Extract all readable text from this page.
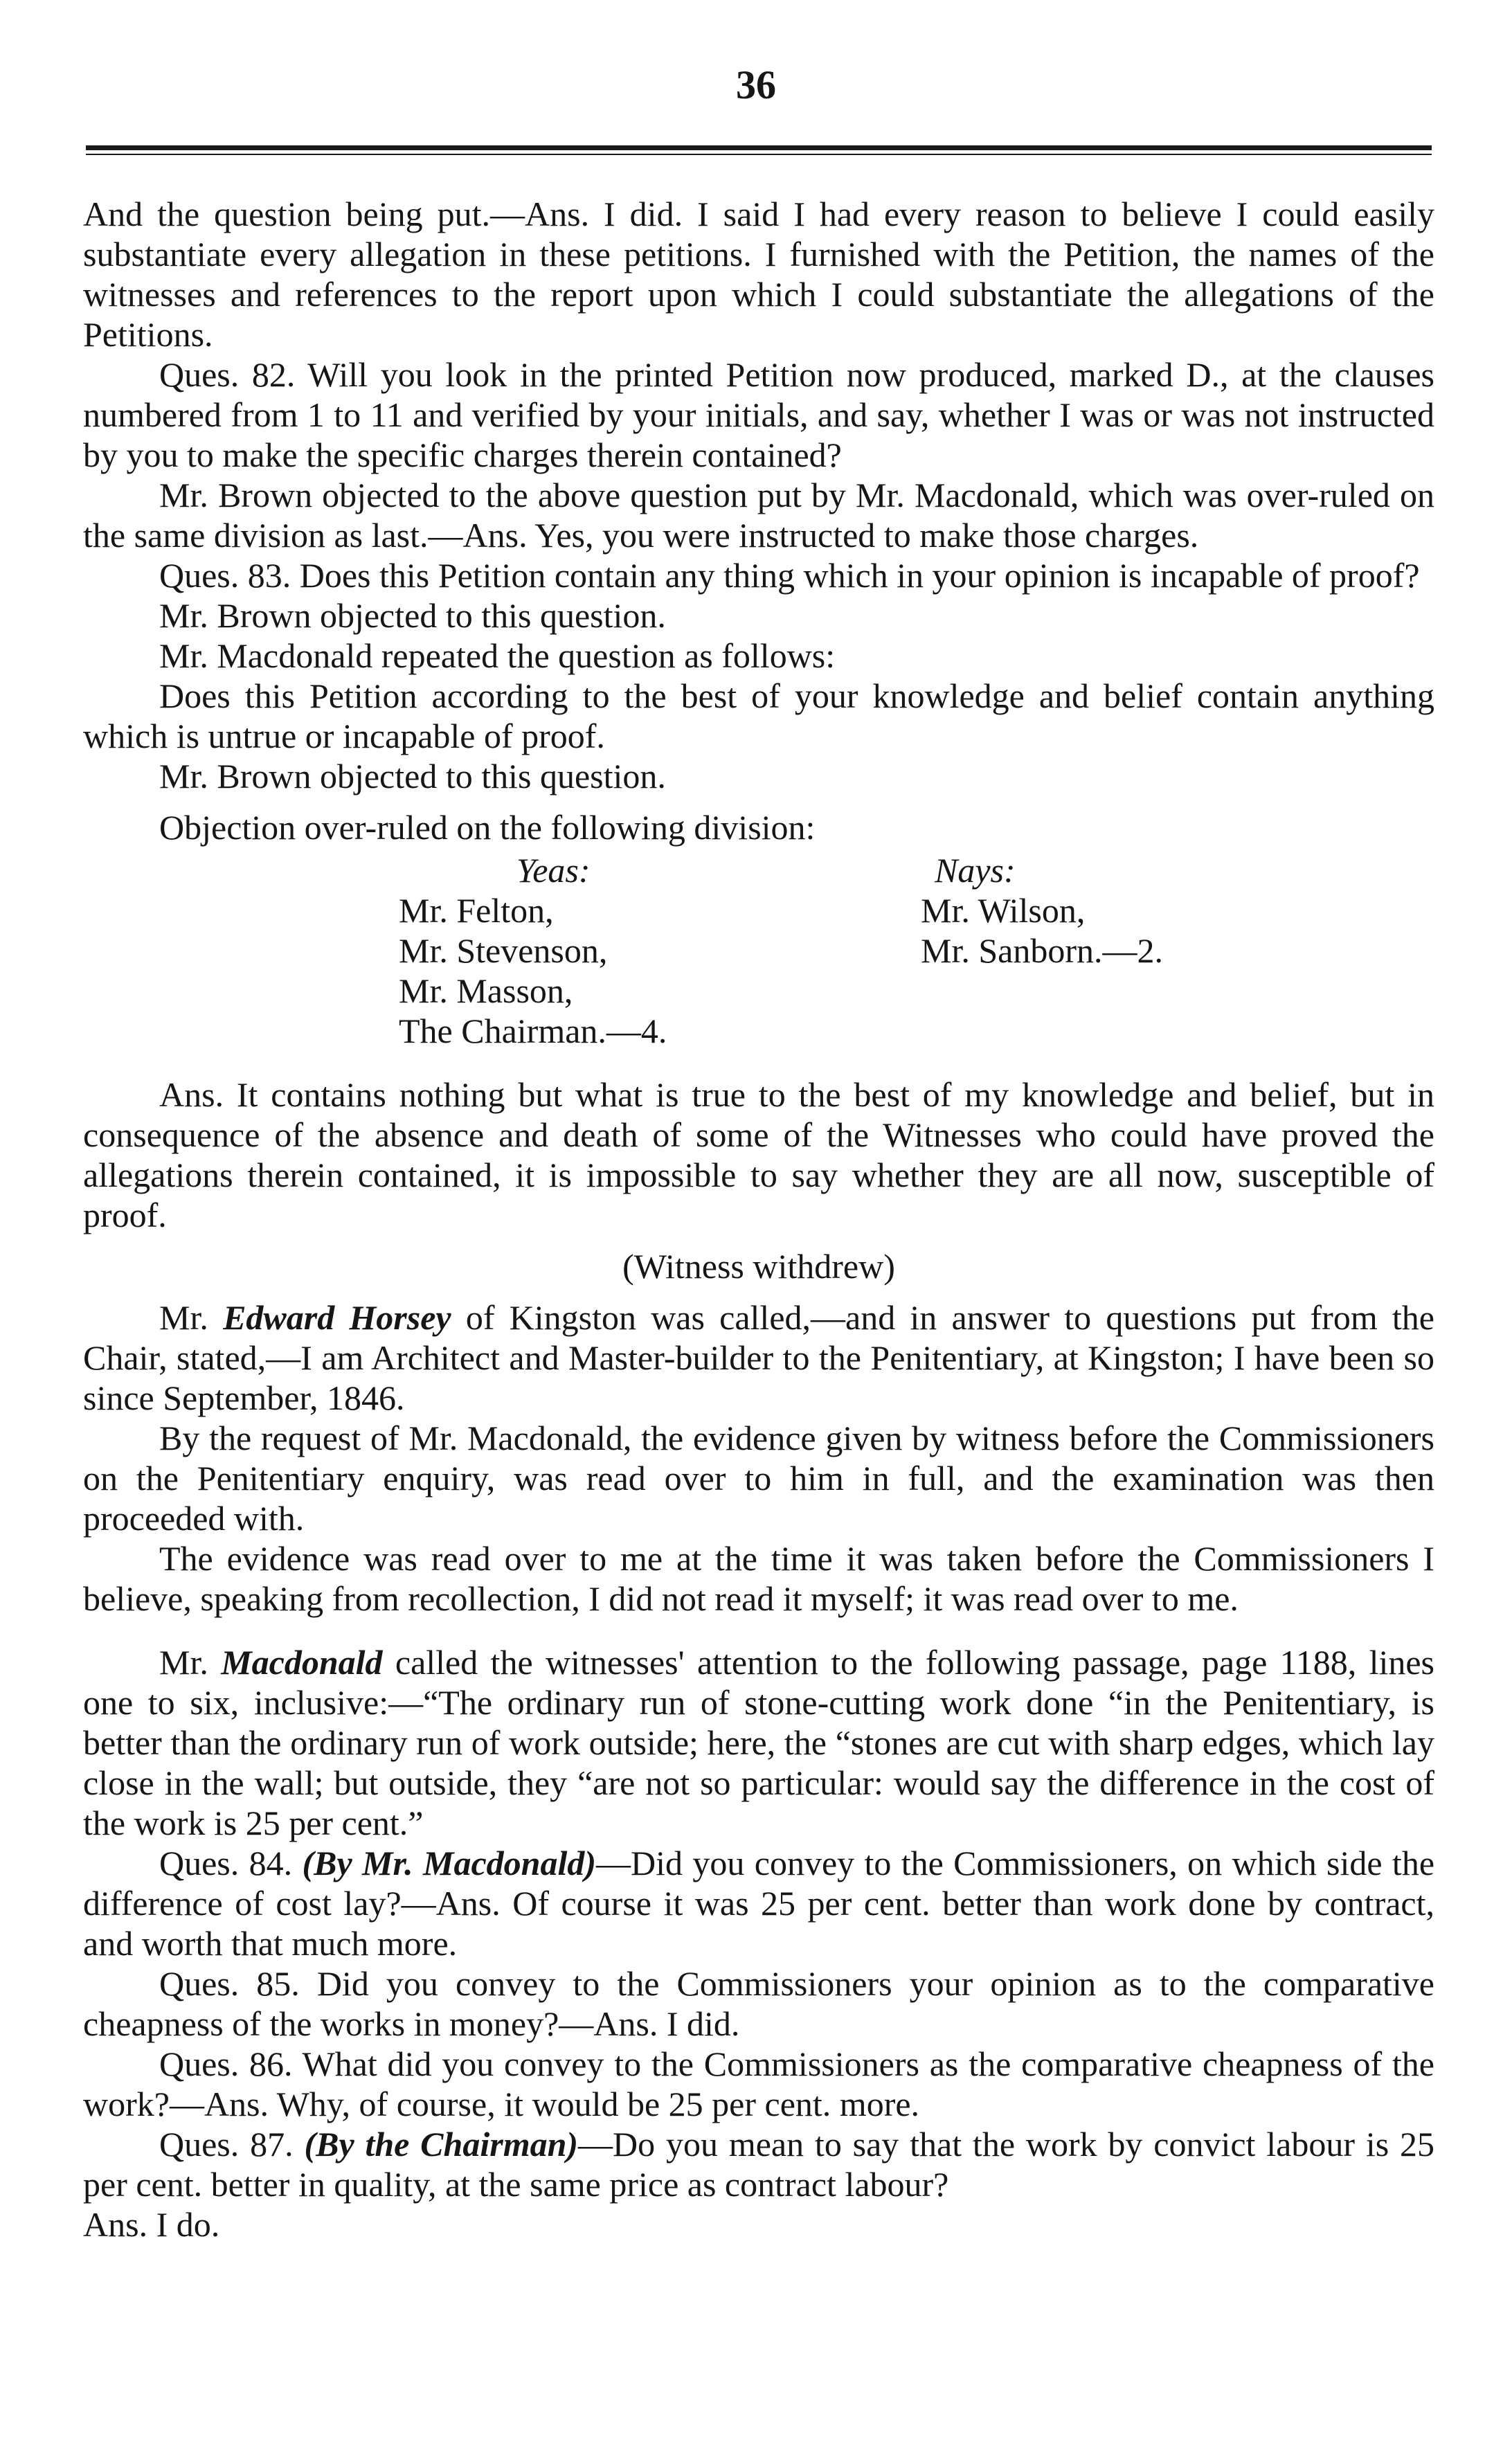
36

And the question being put.—Ans. I did. I said I had every reason to believe I could easily substantiate every allegation in these petitions. I furnished with the Petition, the names of the witnesses and references to the report upon which I could substantiate the allegations of the Petitions.

Ques. 82. Will you look in the printed Petition now produced, marked D., at the clauses numbered from 1 to 11 and verified by your initials, and say, whether I was or was not instructed by you to make the specific charges therein contained?

Mr. Brown objected to the above question put by Mr. Macdonald, which was over-ruled on the same division as last.—Ans. Yes, you were instructed to make those charges.

Ques. 83. Does this Petition contain any thing which in your opinion is incapable of proof?

Mr. Brown objected to this question.

Mr. Macdonald repeated the question as follows:

Does this Petition according to the best of your knowledge and belief contain anything which is untrue or incapable of proof.

Mr. Brown objected to this question.

Objection over-ruled on the following division:

Yeas:

Mr. Felton,

Mr. Stevenson,

Mr. Masson,

The Chairman.—4.

Nays:

Mr. Wilson,

Mr. Sanborn.—2.

Ans. It contains nothing but what is true to the best of my knowledge and belief, but in consequence of the absence and death of some of the Witnesses who could have proved the allegations therein contained, it is impossible to say whether they are all now, susceptible of proof.

(Witness withdrew)

Mr. Edward Horsey of Kingston was called,—and in answer to questions put from the Chair, stated,—I am Architect and Master-builder to the Penitentiary, at Kingston; I have been so since September, 1846.

By the request of Mr. Macdonald, the evidence given by witness before the Commissioners on the Penitentiary enquiry, was read over to him in full, and the examination was then proceeded with.

The evidence was read over to me at the time it was taken before the Commissioners I believe, speaking from recollection, I did not read it myself; it was read over to me.

Mr. Macdonald called the witnesses' attention to the following passage, page 1188, lines one to six, inclusive:—“The ordinary run of stone-cutting work done “in the Penitentiary, is better than the ordinary run of work outside; here, the “stones are cut with sharp edges, which lay close in the wall; but outside, they “are not so particular: would say the difference in the cost of the work is 25 per cent.”

Ques. 84. (By Mr. Macdonald)—Did you convey to the Commissioners, on which side the difference of cost lay?—Ans. Of course it was 25 per cent. better than work done by contract, and worth that much more.

Ques. 85. Did you convey to the Commissioners your opinion as to the comparative cheapness of the works in money?—Ans. I did.

Ques. 86. What did you convey to the Commissioners as the comparative cheapness of the work?—Ans. Why, of course, it would be 25 per cent. more.

Ques. 87. (By the Chairman)—Do you mean to say that the work by convict labour is 25 per cent. better in quality, at the same price as contract labour?
Ans. I do.
